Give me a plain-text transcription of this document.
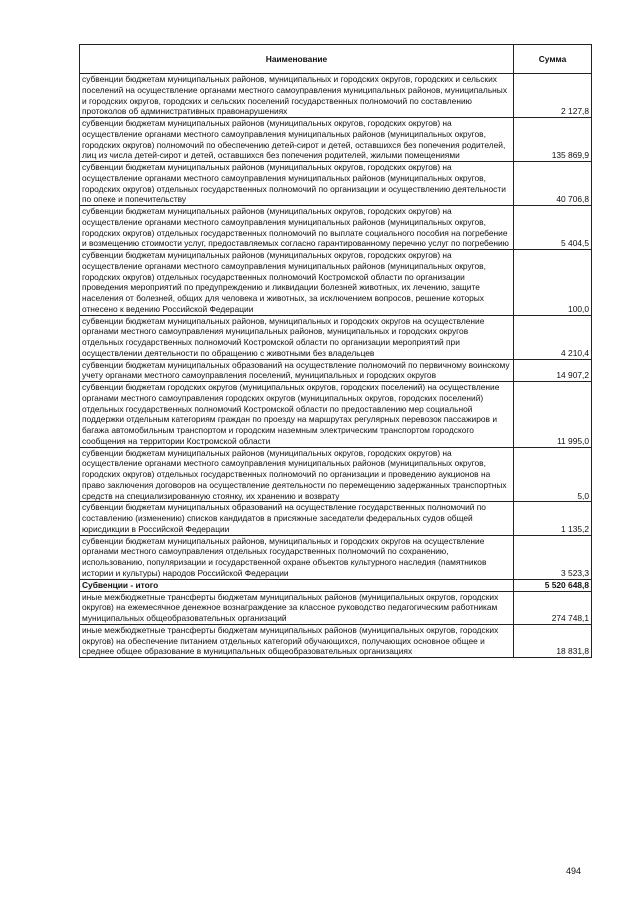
Наименование	Сумма
субвенции бюджетам муниципальных районов, муниципальных и городских округов, городских и сельских поселений на осуществление органами местного самоуправления муниципальных районов, муниципальных и городских округов, городских и сельских поселений государственных полномочий по составлению протоколов об административных правонарушениях	2 127,8
субвенции бюджетам муниципальных районов (муниципальных округов, городских округов) на осуществление органами местного самоуправления муниципальных районов (муниципальных округов, городских округов) полномочий по обеспечению детей-сирот и детей, оставшихся без попечения родителей, лиц из числа детей-сирот и детей, оставшихся без попечения родителей, жилыми помещениями	135 869,9
субвенции бюджетам муниципальных районов (муниципальных округов, городских округов) на осуществление органами местного самоуправления муниципальных районов (муниципальных округов, городских округов) отдельных государственных полномочий по организации и осуществлению деятельности по опеке и попечительству	40 706,8
субвенции бюджетам муниципальных районов (муниципальных округов, городских округов) на осуществление органами местного самоуправления муниципальных районов (муниципальных округов, городских округов) отдельных государственных полномочий по выплате социального пособия на погребение и возмещению стоимости услуг, предоставляемых согласно гарантированному перечню услуг по погребению	5 404,5
субвенции бюджетам муниципальных районов (муниципальных округов, городских округов) на осуществление органами местного самоуправления муниципальных районов (муниципальных округов, городских округов) отдельных государственных полномочий Костромской области по организации проведения мероприятий по предупреждению и ликвидации болезней животных, их лечению, защите населения от болезней, общих для человека и животных, за исключением вопросов, решение которых отнесено к ведению Российской Федерации	100,0
субвенции бюджетам муниципальных районов, муниципальных и городских округов на осуществление органами местного самоуправления муниципальных районов, муниципальных и городских округов отдельных государственных полномочий Костромской области по организации мероприятий при осуществлении деятельности по обращению с животными без владельцев	4 210,4
субвенции бюджетам муниципальных образований на осуществление полномочий по первичному воинскому учету органами местного самоуправления поселений, муниципальных и городских округов	14 907,2
субвенции бюджетам городских округов (муниципальных округов, городских поселений) на осуществление органами местного самоуправления городских округов (муниципальных округов, городских поселений) отдельных государственных полномочий Костромской области по предоставлению мер социальной поддержки отдельным категориям граждан по проезду на маршрутах регулярных перевозок пассажиров и багажа автомобильным транспортом и городским наземным электрическим транспортом городского сообщения на территории Костромской области	11 995,0
субвенции бюджетам муниципальных районов (муниципальных округов, городских округов) на осуществление органами местного самоуправления муниципальных районов (муниципальных округов, городских округов) отдельных государственных полномочий по организации и проведению аукционов на право заключения договоров на осуществление деятельности по перемещению задержанных транспортных средств на специализированную стоянку, их хранению и возврату	5,0
субвенции бюджетам муниципальных образований на осуществление государственных полномочий по составлению (изменению) списков кандидатов в присяжные заседатели федеральных судов общей юрисдикции в Российской Федерации	1 135,2
субвенции бюджетам муниципальных районов, муниципальных и городских округов на осуществление органами местного самоуправления отдельных государственных полномочий по сохранению, использованию, популяризации и государственной охране объектов культурного наследия (памятников истории и культуры) народов Российской Федерации	3 523,3
Субвенции - итого	5 520 648,8
иные межбюджетные трансферты бюджетам муниципальных районов (муниципальных округов, городских округов) на ежемесячное денежное вознаграждение за классное руководство педагогическим работникам муниципальных общеобразовательных организаций	274 748,1
иные межбюджетные трансферты бюджетам муниципальных районов (муниципальных округов, городских округов) на обеспечение питанием отдельных категорий обучающихся, получающих основное общее и среднее общее образование в муниципальных общеобразовательных организациях	18 831,8
494
